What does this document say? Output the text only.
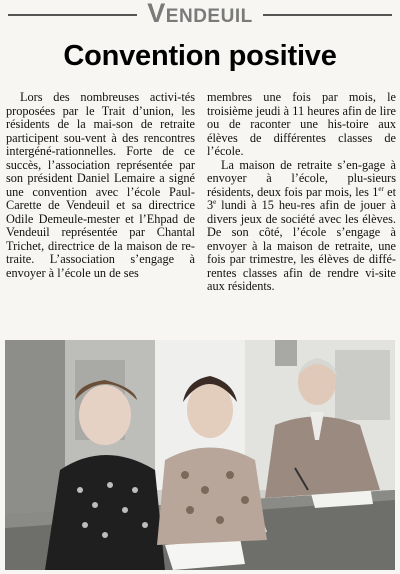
Vendeuil
Convention positive

Lors des nombreuses activi-tés proposées par le Trait d’union, les résidents de la mai-son de retraite participent sou-vent à des rencontres intergéné-rationnelles. Forte de ce succès, l’association représentée par son président Daniel Lemaire a signé une convention avec l’école Paul-Carette de Vendeuil et sa directrice Odile Demeule-mester et l’Ehpad de Vendeuil représentée par Chantal Trichet, directrice de la maison de re-traite. L’association s’engage à envoyer à l’école un de ses

membres une fois par mois, le troisième jeudi à 11 heures afin de lire ou de raconter une his-toire aux élèves de différentes classes de l’école.

La maison de retraite s’en-gage à envoyer à l’école, plu-sieurs résidents, deux fois par mois, les 1er et 3e lundi à 15 heu-res afin de jouer à divers jeux de société avec les élèves. De son côté, l’école s’engage à envoyer à la maison de retraite, une fois par trimestre, les élèves de diffé-rentes classes afin de rendre vi-site aux résidents.
